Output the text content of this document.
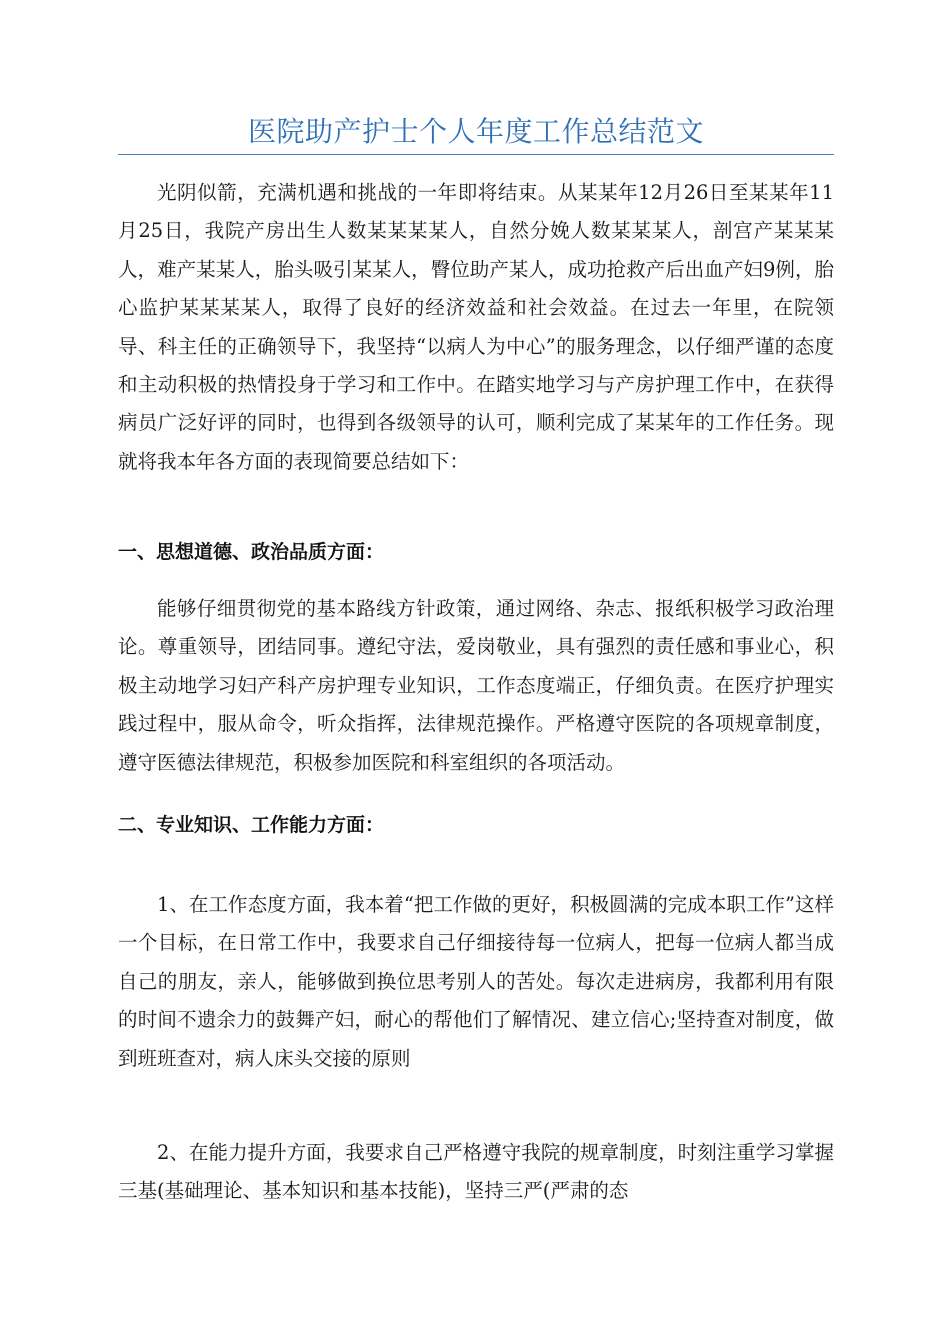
医院助产护士个人年度工作总结范文

光阴似箭，充满机遇和挑战的一年即将结束。从某某年12月26日至某某年11月25日，我院产房出生人数某某某某人，自然分娩人数某某某人，剖宫产某某某人，难产某某人，胎头吸引某某人，臀位助产某人，成功抢救产后出血产妇9例，胎心监护某某某某人，取得了良好的经济效益和社会效益。在过去一年里，在院领导、科主任的正确领导下，我坚持“以病人为中心”的服务理念，以仔细严谨的态度和主动积极的热情投身于学习和工作中。在踏实地学习与产房护理工作中，在获得病员广泛好评的同时，也得到各级领导的认可，顺利完成了某某年的工作任务。现就将我本年各方面的表现简要总结如下：

一、思想道德、政治品质方面：

能够仔细贯彻党的基本路线方针政策，通过网络、杂志、报纸积极学习政治理论。尊重领导，团结同事。遵纪守法，爱岗敬业，具有强烈的责任感和事业心，积极主动地学习妇产科产房护理专业知识，工作态度端正，仔细负责。在医疗护理实践过程中，服从命令，听众指挥，法律规范操作。严格遵守医院的各项规章制度，遵守医德法律规范，积极参加医院和科室组织的各项活动。

二、专业知识、工作能力方面：

1、在工作态度方面，我本着“把工作做的更好，积极圆满的完成本职工作”这样一个目标，在日常工作中，我要求自己仔细接待每一位病人，把每一位病人都当成自己的朋友，亲人，能够做到换位思考别人的苦处。每次走进病房，我都利用有限的时间不遗余力的鼓舞产妇，耐心的帮他们了解情况、建立信心;坚持查对制度，做到班班查对，病人床头交接的原则

2、在能力提升方面，我要求自己严格遵守我院的规章制度，时刻注重学习掌握三基(基础理论、基本知识和基本技能)，坚持三严(严肃的态
